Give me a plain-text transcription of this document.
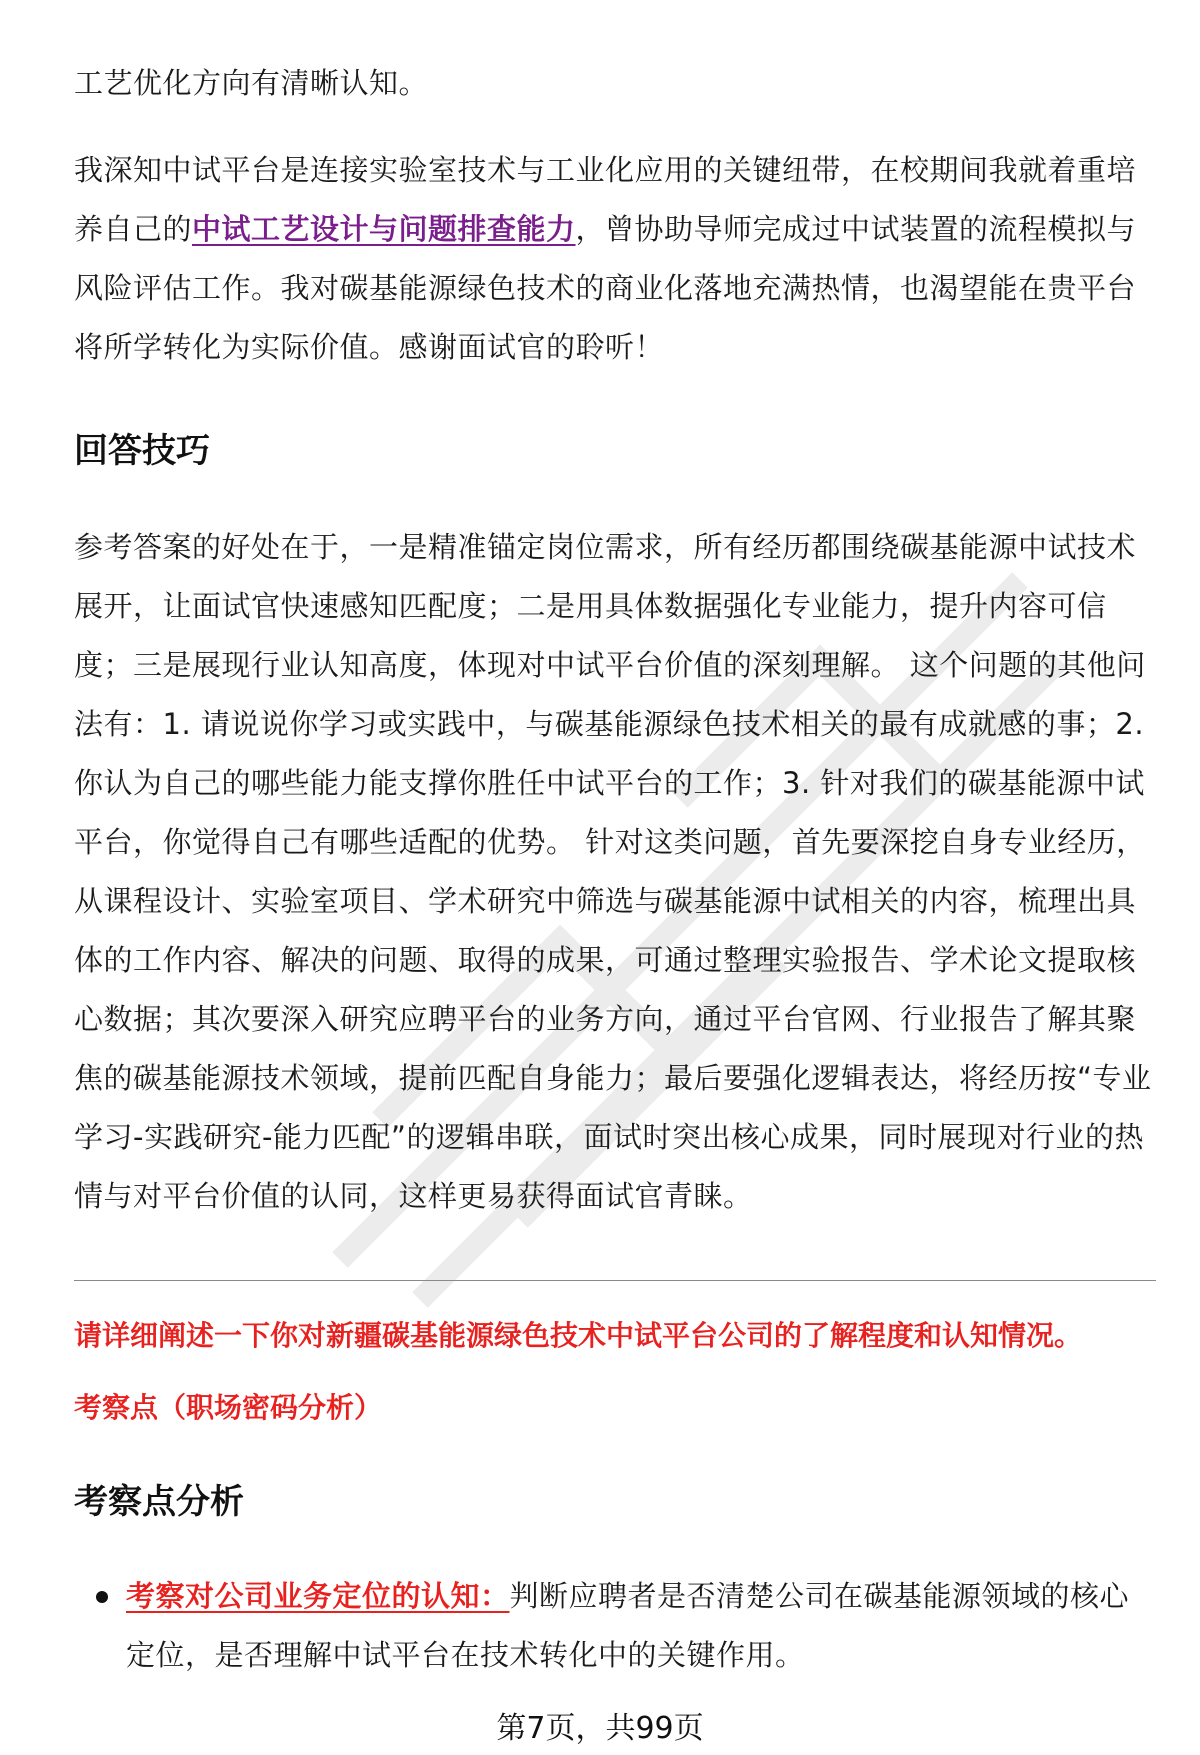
工艺优化方向有清晰认知。

我深知中试平台是连接实验室技术与工业化应用的关键纽带，在校期间我就着重培养自己的中试工艺设计与问题排查能力，曾协助导师完成过中试装置的流程模拟与风险评估工作。我对碳基能源绿色技术的商业化落地充满热情，也渴望能在贵平台将所学转化为实际价值。感谢面试官的聆听！

回答技巧

参考答案的好处在于，一是精准锚定岗位需求，所有经历都围绕碳基能源中试技术展开，让面试官快速感知匹配度；二是用具体数据强化专业能力，提升内容可信度；三是展现行业认知高度，体现对中试平台价值的深刻理解。 这个问题的其他问法有：1. 请说说你学习或实践中，与碳基能源绿色技术相关的最有成就感的事；2. 你认为自己的哪些能力能支撑你胜任中试平台的工作；3. 针对我们的碳基能源中试平台，你觉得自己有哪些适配的优势。 针对这类问题，首先要深挖自身专业经历，从课程设计、实验室项目、学术研究中筛选与碳基能源中试相关的内容，梳理出具体的工作内容、解决的问题、取得的成果，可通过整理实验报告、学术论文提取核心数据；其次要深入研究应聘平台的业务方向，通过平台官网、行业报告了解其聚焦的碳基能源技术领域，提前匹配自身能力；最后要强化逻辑表达，将经历按“专业学习-实践研究-能力匹配”的逻辑串联，面试时突出核心成果，同时展现对行业的热情与对平台价值的认同，这样更易获得面试官青睐。

请详细阐述一下你对新疆碳基能源绿色技术中试平台公司的了解程度和认知情况。

考察点（职场密码分析）

考察点分析

考察对公司业务定位的认知：判断应聘者是否清楚公司在碳基能源领域的核心定位，是否理解中试平台在技术转化中的关键作用。

第7页，共99页
